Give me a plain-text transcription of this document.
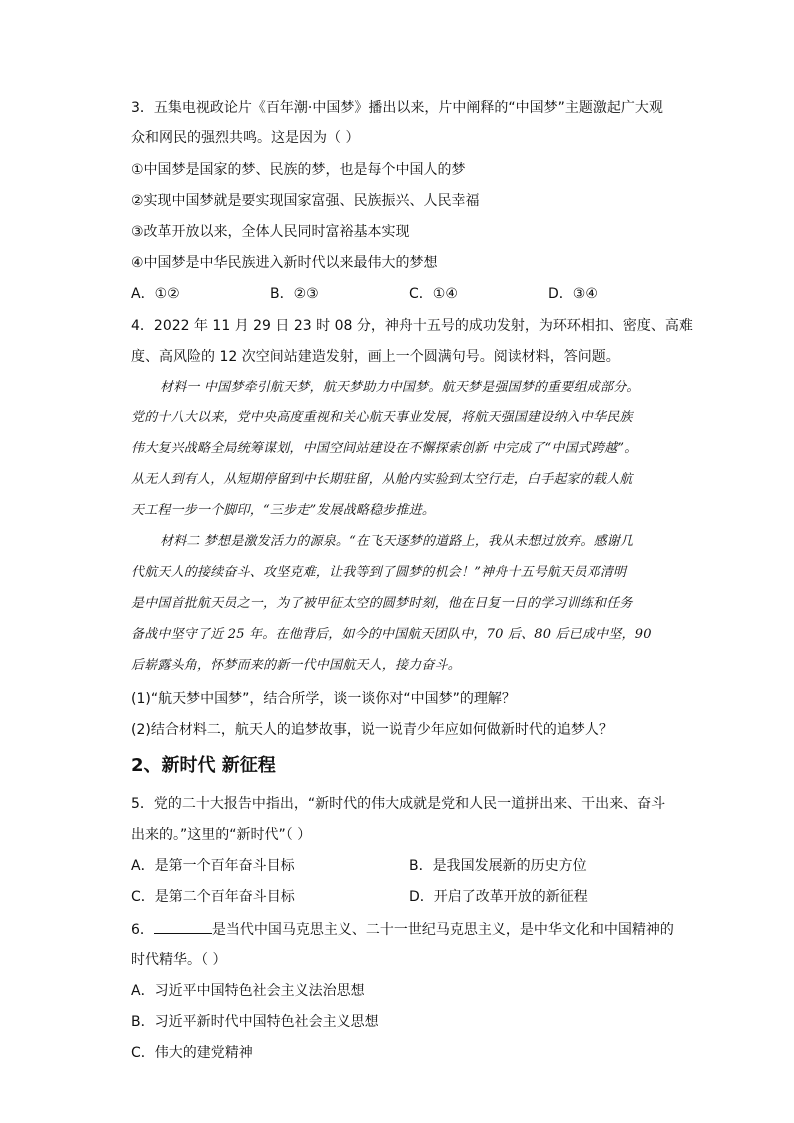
3．五集电视政论片《百年潮·中国梦》播出以来，片中阐释的“中国梦”主题激起广大观
众和网民的强烈共鸣。这是因为（ ）
①中国梦是国家的梦、民族的梦，也是每个中国人的梦
②实现中国梦就是要实现国家富强、民族振兴、人民幸福
③改革开放以来，全体人民同时富裕基本实现
④中国梦是中华民族进入新时代以来最伟大的梦想
A．①②	B．②③	C．①④	D．③④
4．2022 年 11 月 29 日 23 时 08 分，神舟十五号的成功发射，为环环相扣、密度、高难
度、高风险的 12 次空间站建造发射，画上一个圆满句号。阅读材料，答问题。
材料一 中国梦牵引航天梦，航天梦助力中国梦。航天梦是强国梦的重要组成部分。
党的十八大以来，党中央高度重视和关心航天事业发展，将航天强国建设纳入中华民族
伟大复兴战略全局统筹谋划，中国空间站建设在不懈探索创新 中完成了“中国式跨越”。
从无人到有人，从短期停留到中长期驻留，从舱内实验到太空行走，白手起家的载人航
天工程一步一个脚印，“三步走”发展战略稳步推进。
材料二 梦想是激发活力的源泉。“在飞天逐梦的道路上，我从未想过放弃。感谢几
代航天人的接续奋斗、攻坚克难，让我等到了圆梦的机会！”神舟十五号航天员邓清明
是中国首批航天员之一，为了被甲征太空的圆梦时刻，他在日复一日的学习训练和任务
备战中坚守了近 25 年。在他背后，如今的中国航天团队中，70 后、80 后已成中坚，90
后崭露头角，怀梦而来的新一代中国航天人，接力奋斗。
(1)“航天梦中国梦”，结合所学，谈一谈你对“中国梦”的理解？
(2)结合材料二，航天人的追梦故事，说一说青少年应如何做新时代的追梦人？
2、新时代 新征程
5．党的二十大报告中指出，“新时代的伟大成就是党和人民一道拼出来、干出来、奋斗
出来的。”这里的“新时代”（ ）
A．是第一个百年奋斗目标	B．是我国发展新的历史方位
C．是第二个百年奋斗目标	D．开启了改革开放的新征程
6．	是当代中国马克思主义、二十一世纪马克思主义，是中华文化和中国精神的
时代精华。（ ）
A．习近平中国特色社会主义法治思想
B．习近平新时代中国特色社会主义思想
C．伟大的建党精神
